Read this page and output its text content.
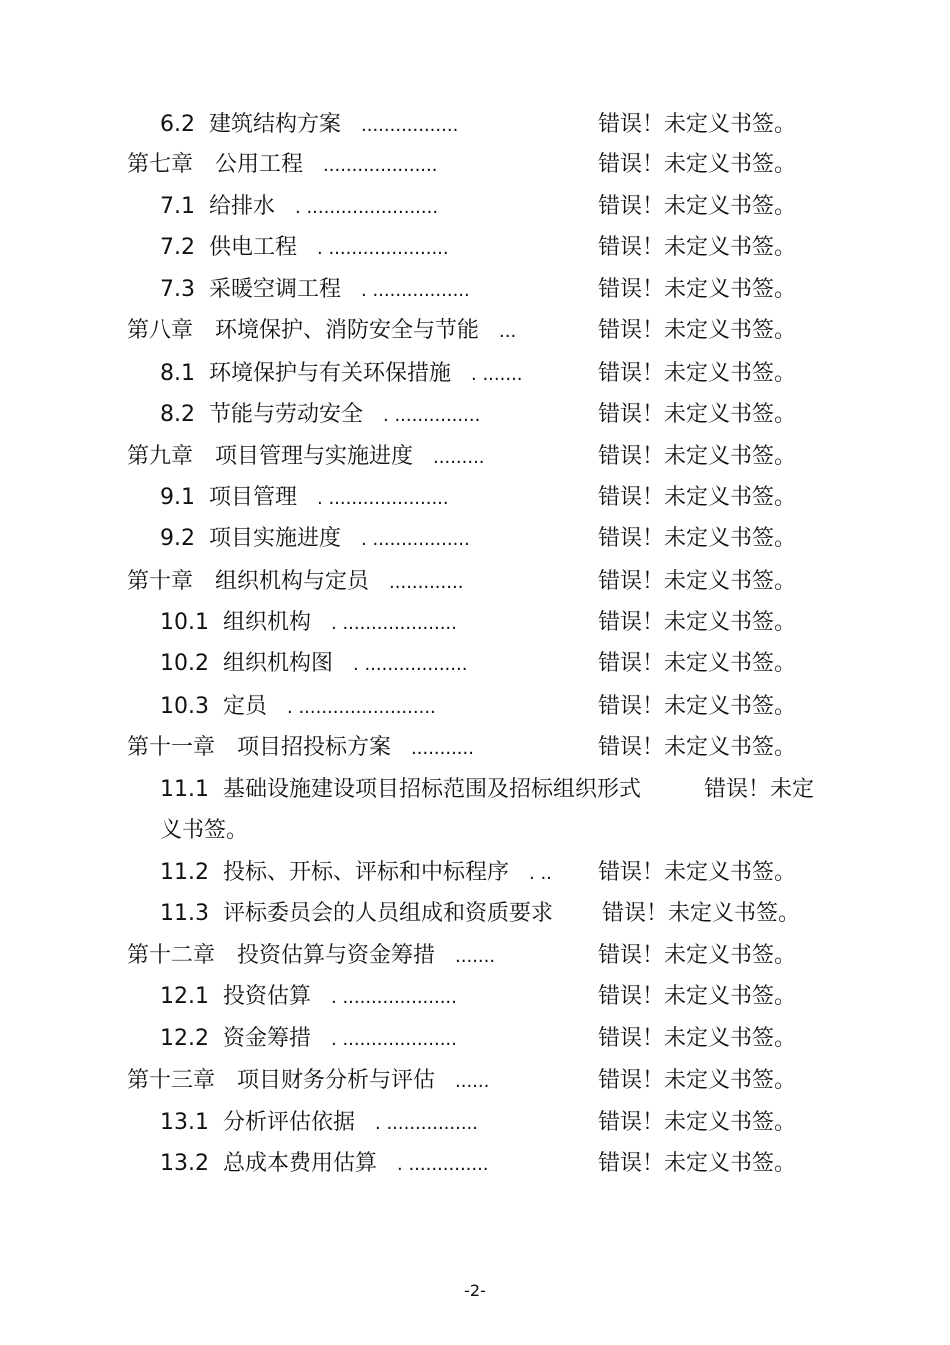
6.2 建筑结构方案 .................	错误！未定义书签。
第七章 公用工程 ....................	错误！未定义书签。
7.1 给排水 . .......................	错误！未定义书签。
7.2 供电工程 . .....................	错误！未定义书签。
7.3 采暖空调工程 . .................	错误！未定义书签。
第八章 环境保护、消防安全与节能 ...	错误！未定义书签。
8.1 环境保护与有关环保措施 . .......	错误！未定义书签。
8.2 节能与劳动安全 . ...............	错误！未定义书签。
第九章 项目管理与实施进度 .........	错误！未定义书签。
9.1 项目管理 . .....................	错误！未定义书签。
9.2 项目实施进度 . .................	错误！未定义书签。
第十章 组织机构与定员 .............	错误！未定义书签。
10.1 组织机构 . ....................	错误！未定义书签。
10.2 组织机构图 . ..................	错误！未定义书签。
10.3 定员 . ........................	错误！未定义书签。
第十一章 项目招投标方案 ...........	错误！未定义书签。
11.1 基础设施建设项目招标范围及招标组织形式	错误！未定
义书签。
11.2 投标、开标、评标和中标程序 . .. 错误！未定义书签。
11.3 评标委员会的人员组成和资质要求 错误！未定义书签。
第十二章 投资估算与资金筹措 .......	错误！未定义书签。
12.1 投资估算 . ....................	错误！未定义书签。
12.2 资金筹措 . ....................	错误！未定义书签。
第十三章 项目财务分析与评估 ......	错误！未定义书签。
13.1 分析评估依据 . ................	错误！未定义书签。
13.2 总成本费用估算 . ..............	错误！未定义书签。
-2-
